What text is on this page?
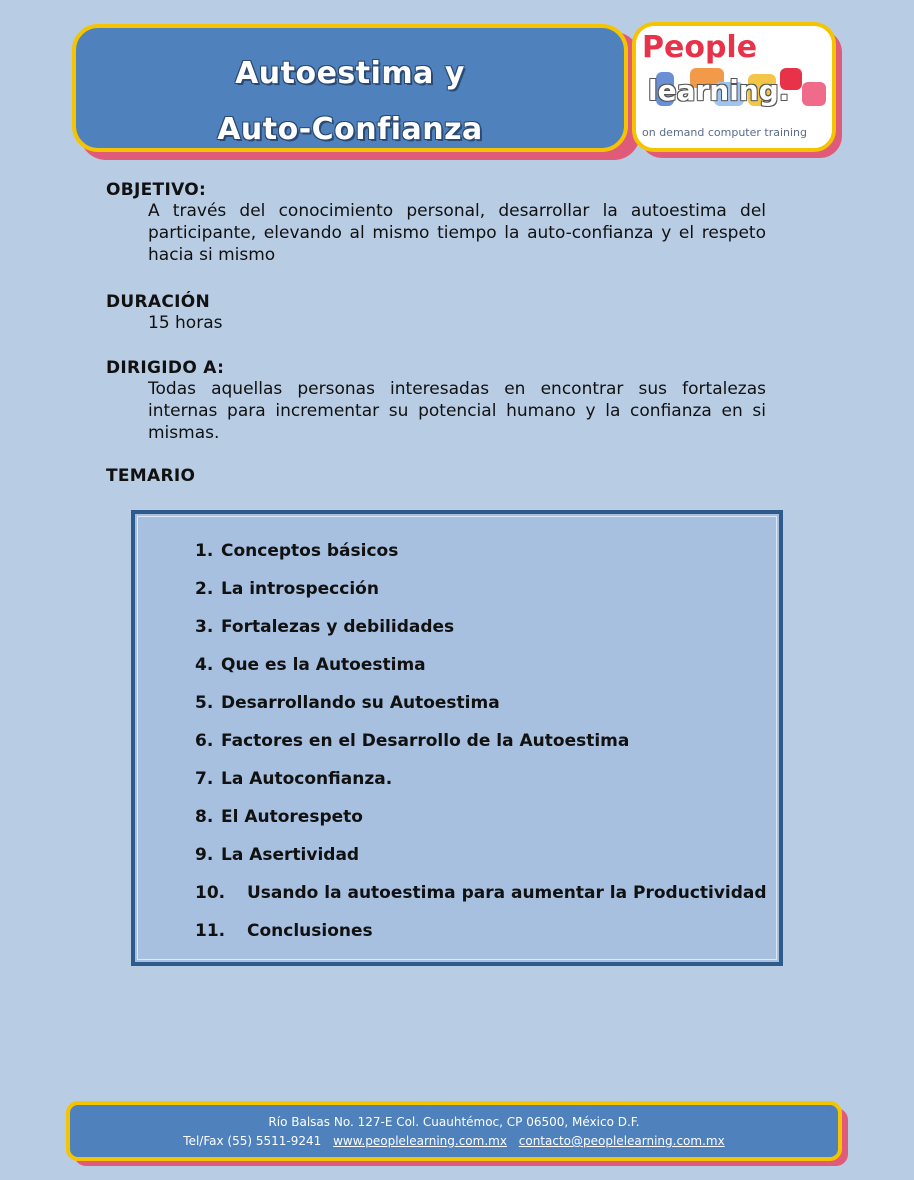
Autoestima y
Auto-Confianza
People
learning.
on demand computer training
OBJETIVO:
A través del conocimiento personal, desarrollar la autoestima del participante, elevando al mismo tiempo la auto-confianza y el respeto hacia si mismo
DURACIÓN
15 horas
DIRIGIDO A:
Todas aquellas personas interesadas en encontrar sus fortalezas internas para incrementar su potencial humano y la confianza en si mismas.
TEMARIO
1. Conceptos básicos
2. La introspección
3. Fortalezas y debilidades
4. Que es la Autoestima
5. Desarrollando su Autoestima
6. Factores en el Desarrollo de la Autoestima
7. La Autoconfianza.
8. El Autorespeto
9. La Asertividad
10. Usando la autoestima para aumentar la Productividad
11. Conclusiones
Río Balsas No. 127-E Col. Cuauhtémoc, CP 06500, México D.F.
Tel/Fax (55) 5511-9241 www.peoplelearning.com.mx contacto@peoplelearning.com.mx
